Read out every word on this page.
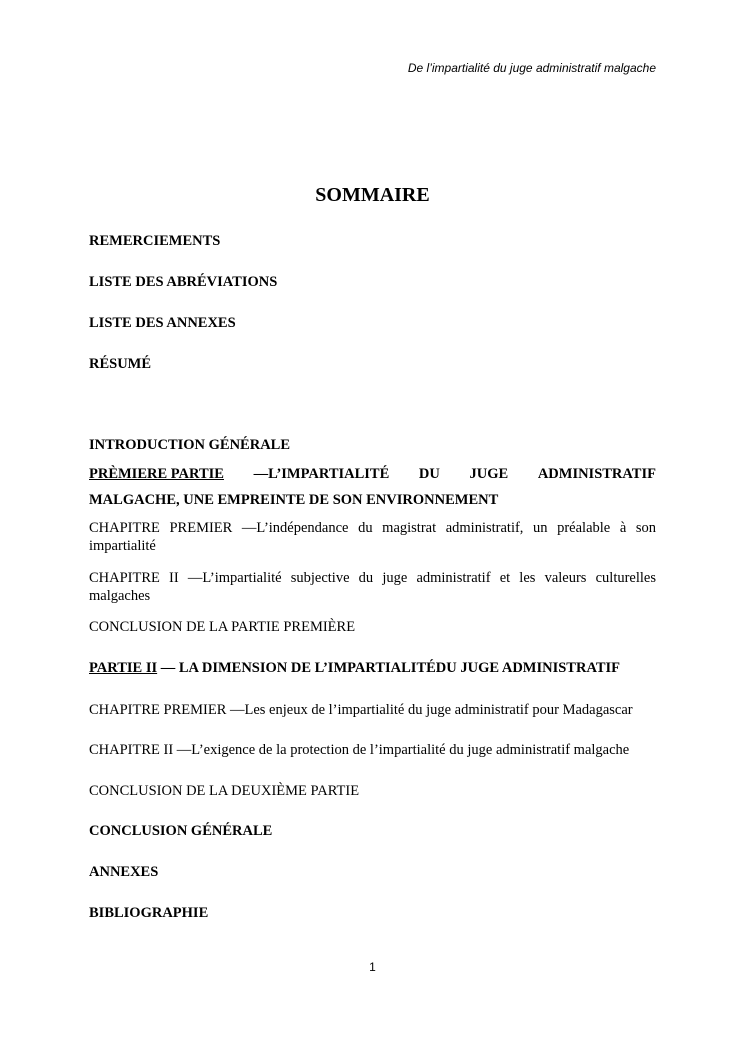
De l’impartialité du juge administratif malgache
SOMMAIRE

REMERCIEMENTS

LISTE DES ABRÉVIATIONS

LISTE DES ANNEXES

RÉSUMÉ

INTRODUCTION GÉNÉRALE

PRÈMIERE PARTIE —L’IMPARTIALITÉ DU JUGE ADMINISTRATIF

MALGACHE, UNE EMPREINTE DE SON ENVIRONNEMENT

CHAPITRE PREMIER —L’indépendance du magistrat administratif, un préalable à son impartialité

CHAPITRE II —L’impartialité subjective du juge administratif et les valeurs culturelles malgaches

CONCLUSION DE LA PARTIE PREMIÈRE

PARTIE II — LA DIMENSION DE L’IMPARTIALITÉDU JUGE ADMINISTRATIF

CHAPITRE PREMIER —Les enjeux de l’impartialité du juge administratif pour Madagascar

CHAPITRE II —L’exigence de la protection de l’impartialité du juge administratif malgache

CONCLUSION DE LA DEUXIÈME PARTIE

CONCLUSION GÉNÉRALE

ANNEXES

BIBLIOGRAPHIE

1
